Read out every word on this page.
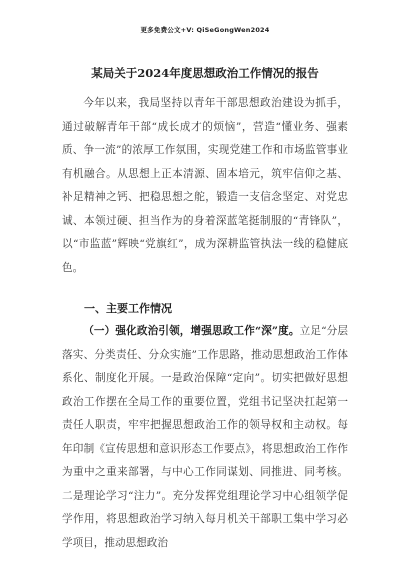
更多免费公文+V: QiSeGongWen2024
某局关于2024年度思想政治工作情况的报告

今年以来，我局坚持以青年干部思想政治建设为抓手，通过破解青年干部“成长成才的烦恼”，营造“懂业务、强素质、争一流”的浓厚工作氛围，实现党建工作和市场监管事业有机融合。从思想上正本清源、固本培元，筑牢信仰之基、补足精神之钙、把稳思想之舵，锻造一支信念坚定、对党忠诚、本领过硬、担当作为的身着深蓝笔挺制服的“青锋队”，以“市监蓝”辉映“党旗红”，成为深耕监管执法一线的稳健底色。

一、主要工作情况

（一）强化政治引领，增强思政工作“深”度。立足“分层落实、分类责任、分众实施”工作思路，推动思想政治工作体系化、制度化开展。一是政治保障“定向”。切实把做好思想政治工作摆在全局工作的重要位置，党组书记坚决扛起第一责任人职责，牢牢把握思想政治工作的领导权和主动权。每年印制《宣传思想和意识形态工作要点》，将思想政治工作作为重中之重来部署，与中心工作同谋划、同推进、同考核。二是理论学习“注力”。充分发挥党组理论学习中心组领学促学作用，将思想政治学习纳入每月机关干部职工集中学习必学项目，推动思想政治
